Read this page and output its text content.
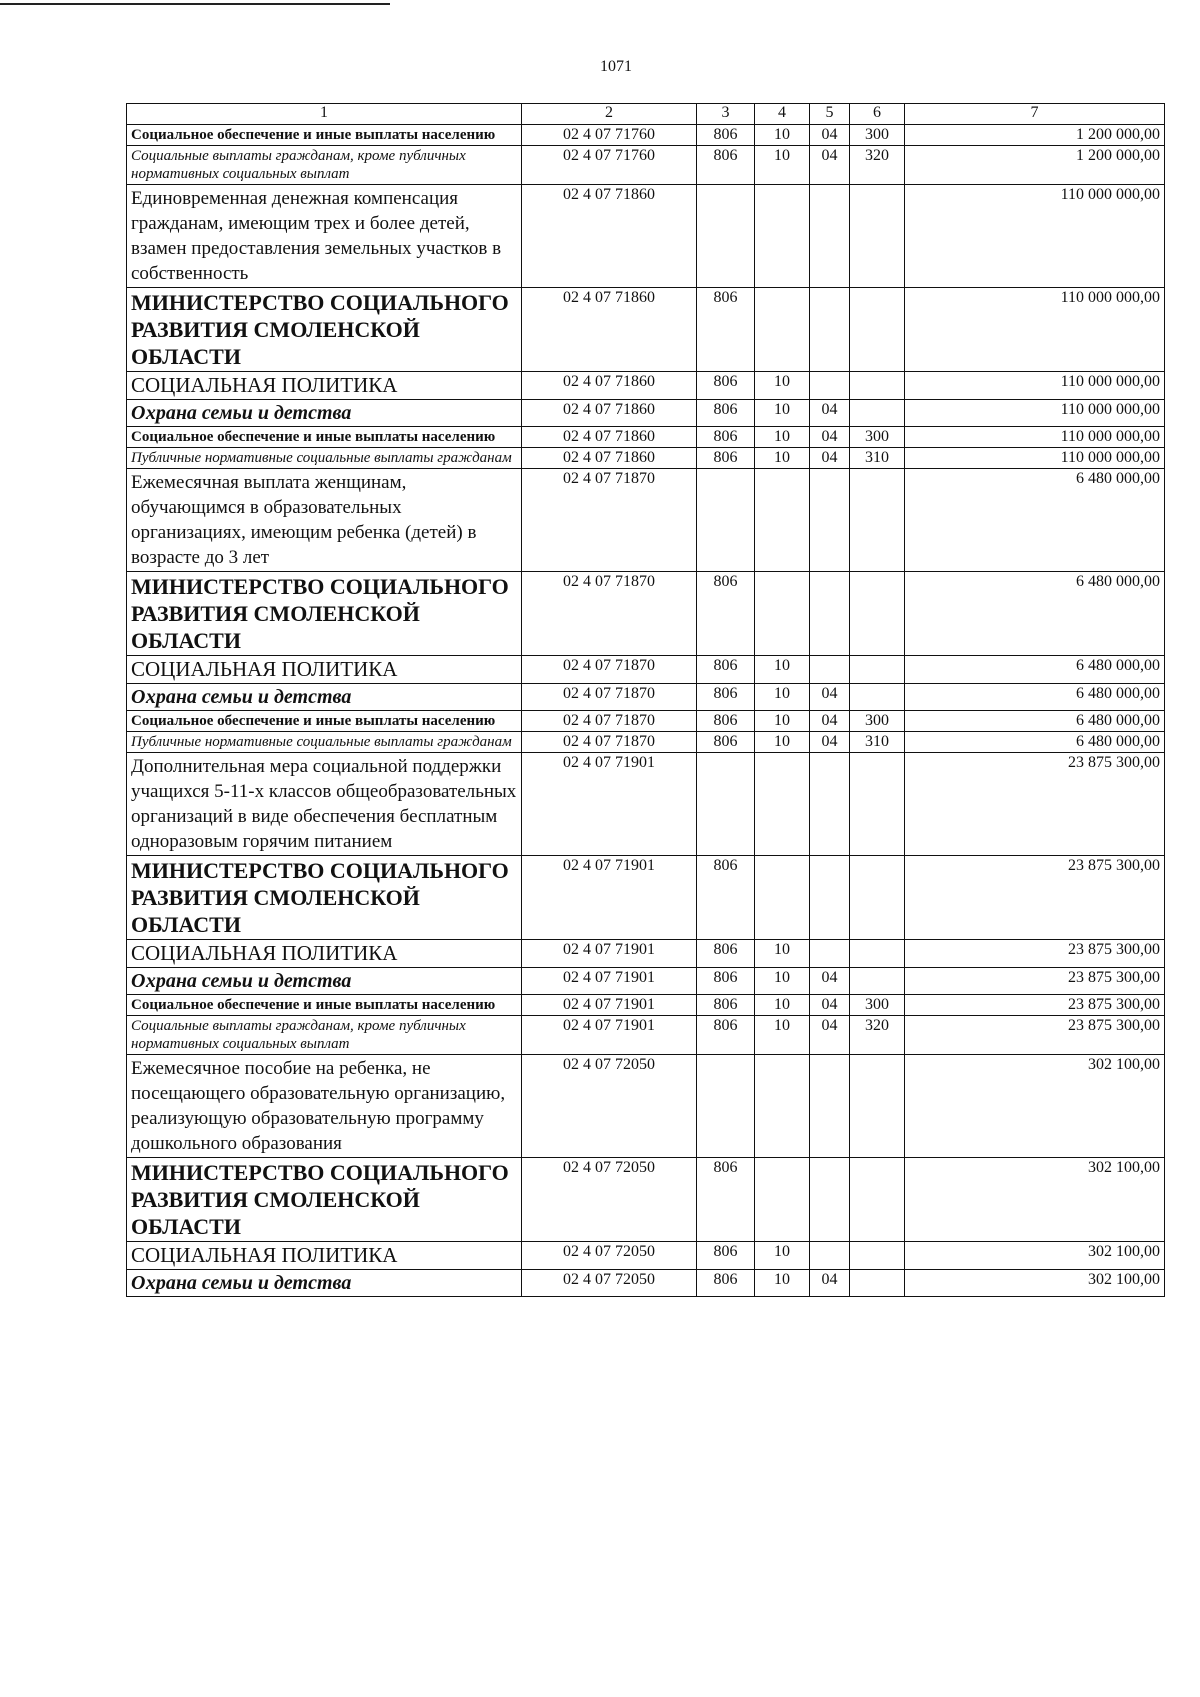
1071
1	2	3	4	5	6	7
Социальное обеспечение и иные выплаты населению	02 4 07 71760	806	10	04	300	1 200 000,00
Социальные выплаты гражданам, кроме публичных нормативных социальных выплат	02 4 07 71760	806	10	04	320	1 200 000,00
Единовременная денежная компенсация гражданам, имеющим трех и более детей, взамен предоставления земельных участков в собственность	02 4 07 71860					110 000 000,00
МИНИСТЕРСТВО СОЦИАЛЬНОГО РАЗВИТИЯ СМОЛЕНСКОЙ ОБЛАСТИ	02 4 07 71860	806				110 000 000,00
СОЦИАЛЬНАЯ ПОЛИТИКА	02 4 07 71860	806	10			110 000 000,00
Охрана семьи и детства	02 4 07 71860	806	10	04		110 000 000,00
Социальное обеспечение и иные выплаты населению	02 4 07 71860	806	10	04	300	110 000 000,00
Публичные нормативные социальные выплаты гражданам	02 4 07 71860	806	10	04	310	110 000 000,00
Ежемесячная выплата женщинам, обучающимся в образовательных организациях, имеющим ребенка (детей) в возрасте до 3 лет	02 4 07 71870					6 480 000,00
МИНИСТЕРСТВО СОЦИАЛЬНОГО РАЗВИТИЯ СМОЛЕНСКОЙ ОБЛАСТИ	02 4 07 71870	806				6 480 000,00
СОЦИАЛЬНАЯ ПОЛИТИКА	02 4 07 71870	806	10			6 480 000,00
Охрана семьи и детства	02 4 07 71870	806	10	04		6 480 000,00
Социальное обеспечение и иные выплаты населению	02 4 07 71870	806	10	04	300	6 480 000,00
Публичные нормативные социальные выплаты гражданам	02 4 07 71870	806	10	04	310	6 480 000,00
Дополнительная мера социальной поддержки учащихся 5-11-х классов общеобразовательных организаций в виде обеспечения бесплатным одноразовым горячим питанием	02 4 07 71901					23 875 300,00
МИНИСТЕРСТВО СОЦИАЛЬНОГО РАЗВИТИЯ СМОЛЕНСКОЙ ОБЛАСТИ	02 4 07 71901	806				23 875 300,00
СОЦИАЛЬНАЯ ПОЛИТИКА	02 4 07 71901	806	10			23 875 300,00
Охрана семьи и детства	02 4 07 71901	806	10	04		23 875 300,00
Социальное обеспечение и иные выплаты населению	02 4 07 71901	806	10	04	300	23 875 300,00
Социальные выплаты гражданам, кроме публичных нормативных социальных выплат	02 4 07 71901	806	10	04	320	23 875 300,00
Ежемесячное пособие на ребенка, не посещающего образовательную организацию, реализующую образовательную программу дошкольного образования	02 4 07 72050					302 100,00
МИНИСТЕРСТВО СОЦИАЛЬНОГО РАЗВИТИЯ СМОЛЕНСКОЙ ОБЛАСТИ	02 4 07 72050	806				302 100,00
СОЦИАЛЬНАЯ ПОЛИТИКА	02 4 07 72050	806	10			302 100,00
Охрана семьи и детства	02 4 07 72050	806	10	04		302 100,00
